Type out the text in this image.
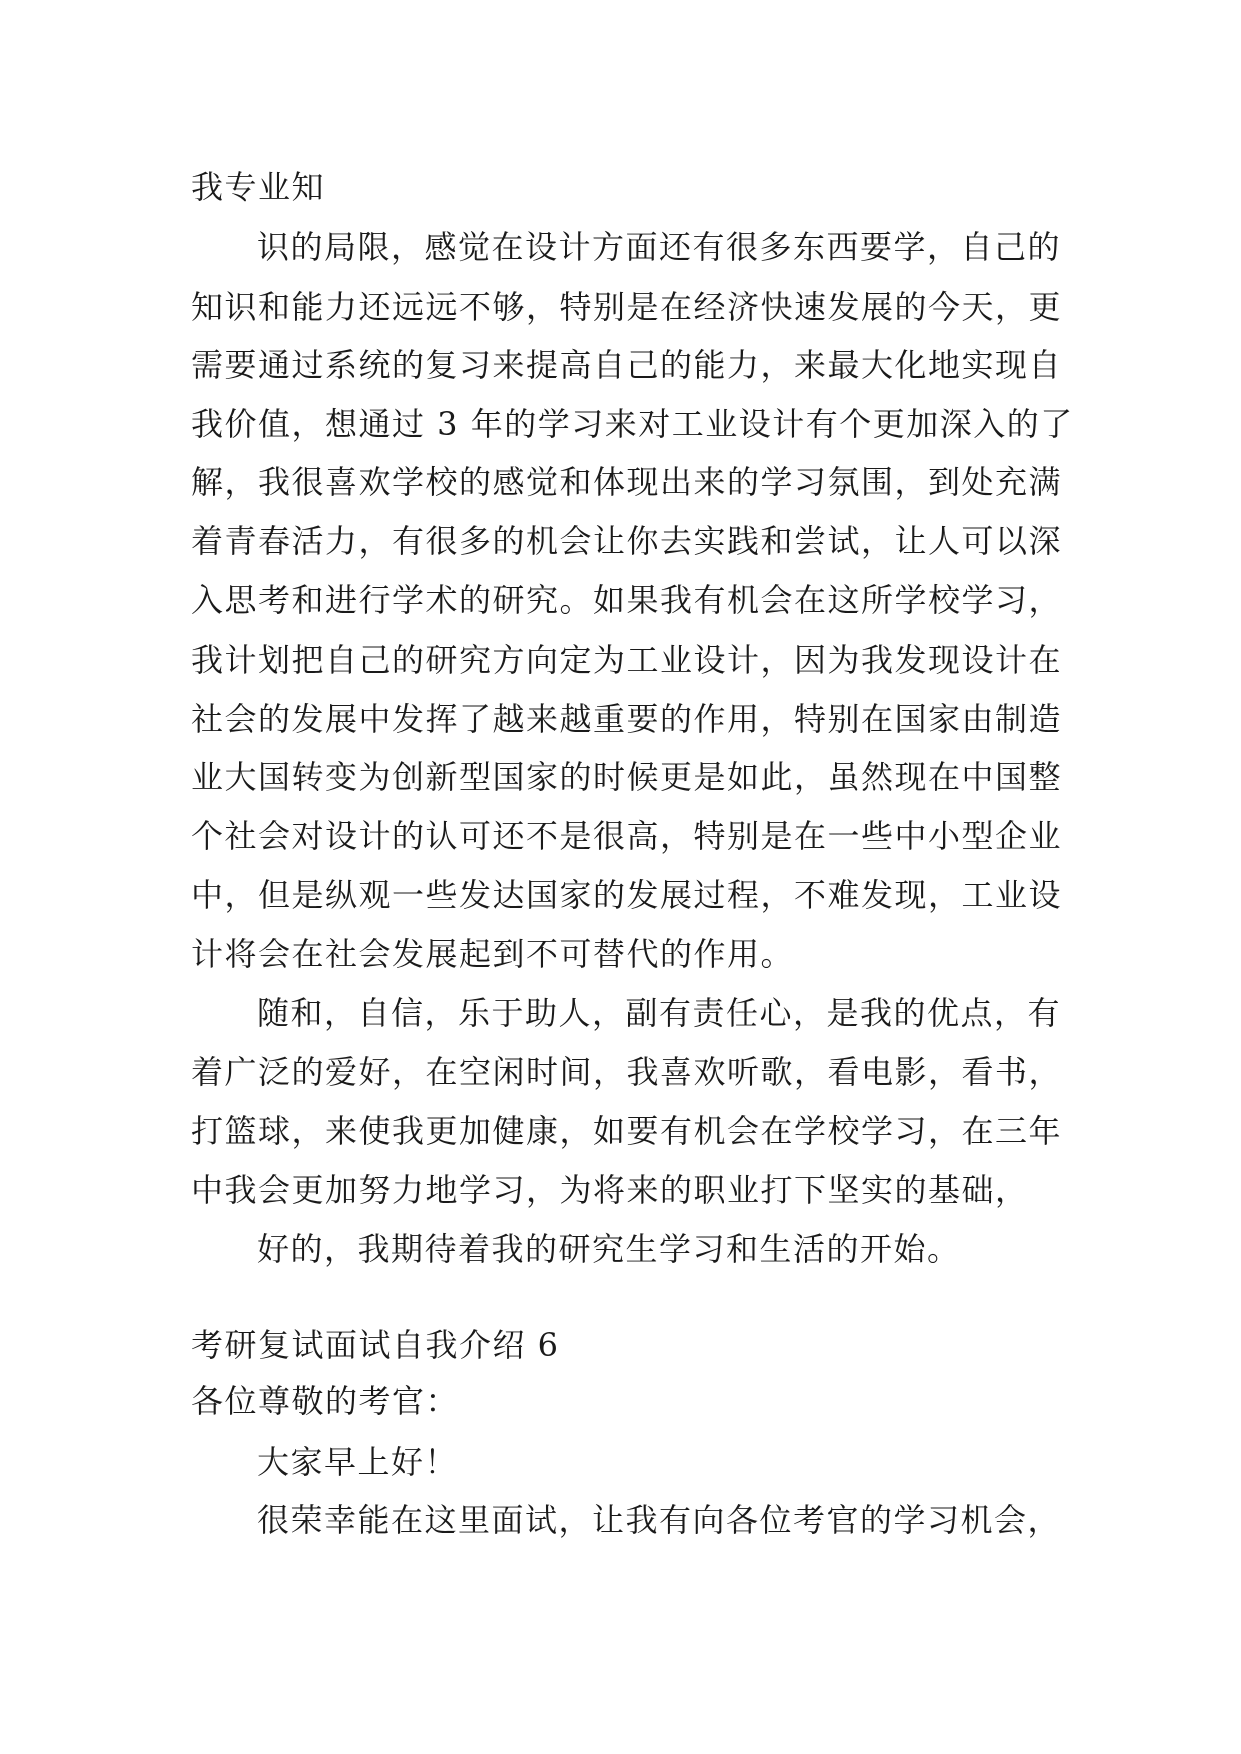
我专业知
识的局限，感觉在设计方面还有很多东西要学，自己的
知识和能力还远远不够，特别是在经济快速发展的今天，更
需要通过系统的复习来提高自己的能力，来最大化地实现自
我价值，想通过 3 年的学习来对工业设计有个更加深入的了
解，我很喜欢学校的感觉和体现出来的学习氛围，到处充满
着青春活力，有很多的机会让你去实践和尝试，让人可以深
入思考和进行学术的研究。如果我有机会在这所学校学习，
我计划把自己的研究方向定为工业设计，因为我发现设计在
社会的发展中发挥了越来越重要的作用，特别在国家由制造
业大国转变为创新型国家的时候更是如此，虽然现在中国整
个社会对设计的认可还不是很高，特别是在一些中小型企业
中，但是纵观一些发达国家的发展过程，不难发现，工业设
计将会在社会发展起到不可替代的作用。
随和，自信，乐于助人，副有责任心，是我的优点，有
着广泛的爱好，在空闲时间，我喜欢听歌，看电影，看书，
打篮球，来使我更加健康，如要有机会在学校学习，在三年
中我会更加努力地学习，为将来的职业打下坚实的基础，
好的，我期待着我的研究生学习和生活的开始。
考研复试面试自我介绍 6
各位尊敬的考官：
大家早上好！
很荣幸能在这里面试，让我有向各位考官的学习机会，
